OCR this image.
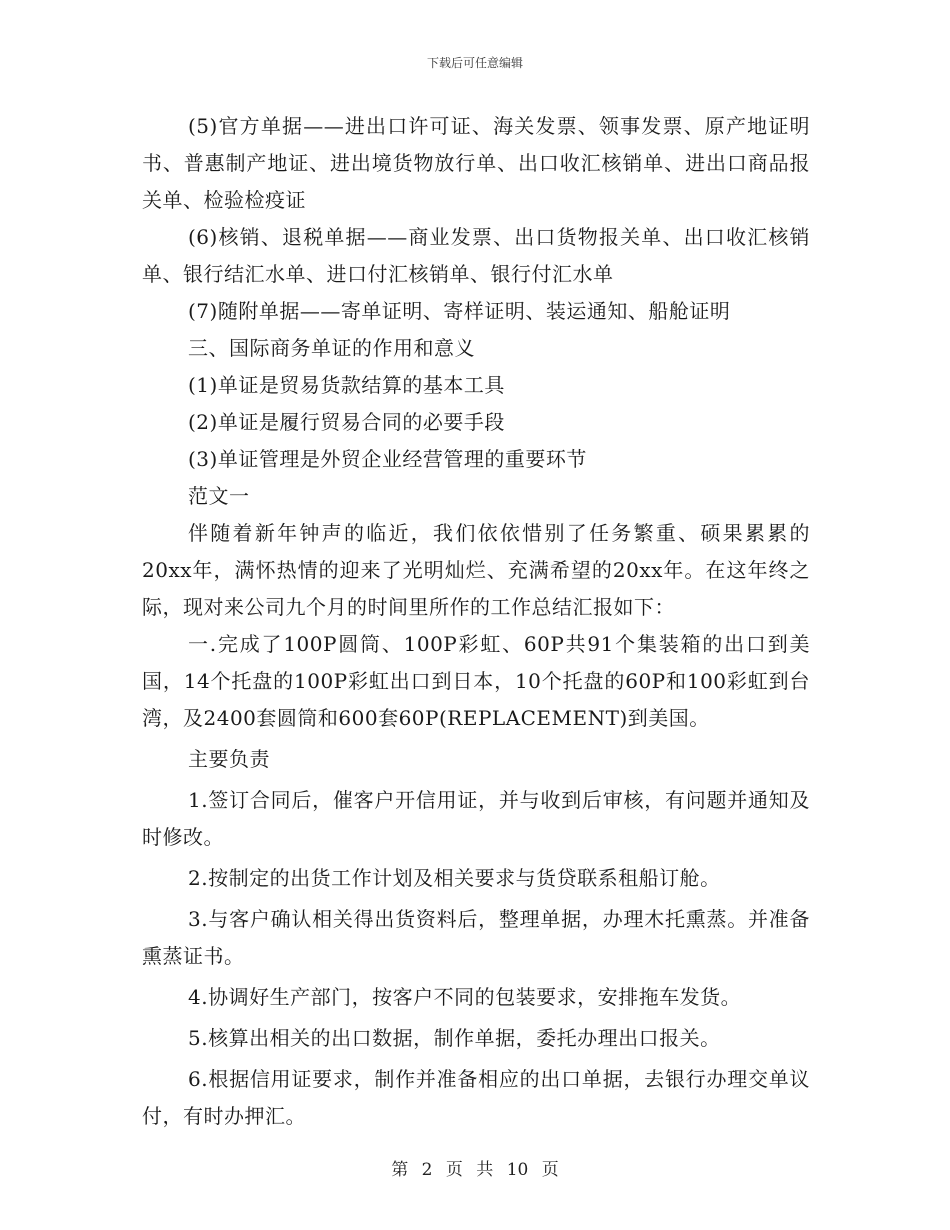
下载后可任意编辑

(5)官方单据——进出口许可证、海关发票、领事发票、原产地证明书、普惠制产地证、进出境货物放行单、出口收汇核销单、进出口商品报关单、检验检疫证

(6)核销、退税单据——商业发票、出口货物报关单、出口收汇核销单、银行结汇水单、进口付汇核销单、银行付汇水单

(7)随附单据——寄单证明、寄样证明、装运通知、船舱证明

三、国际商务单证的作用和意义

(1)单证是贸易货款结算的基本工具

(2)单证是履行贸易合同的必要手段

(3)单证管理是外贸企业经营管理的重要环节

范文一

伴随着新年钟声的临近，我们依依惜别了任务繁重、硕果累累的20xx年，满怀热情的迎来了光明灿烂、充满希望的20xx年。在这年终之际，现对来公司九个月的时间里所作的工作总结汇报如下：

一.完成了100P圆筒、100P彩虹、60P共91个集装箱的出口到美国，14个托盘的100P彩虹出口到日本，10个托盘的60P和100彩虹到台湾，及2400套圆筒和600套60P(REPLACEMENT)到美国。

主要负责

1.签订合同后，催客户开信用证，并与收到后审核，有问题并通知及时修改。

2.按制定的出货工作计划及相关要求与货贷联系租船订舱。

3.与客户确认相关得出货资料后，整理单据，办理木托熏蒸。并准备熏蒸证书。

4.协调好生产部门，按客户不同的包装要求，安排拖车发货。

5.核算出相关的出口数据，制作单据，委托办理出口报关。

6.根据信用证要求，制作并准备相应的出口单据，去银行办理交单议付，有时办押汇。

第 2 页 共 10 页
